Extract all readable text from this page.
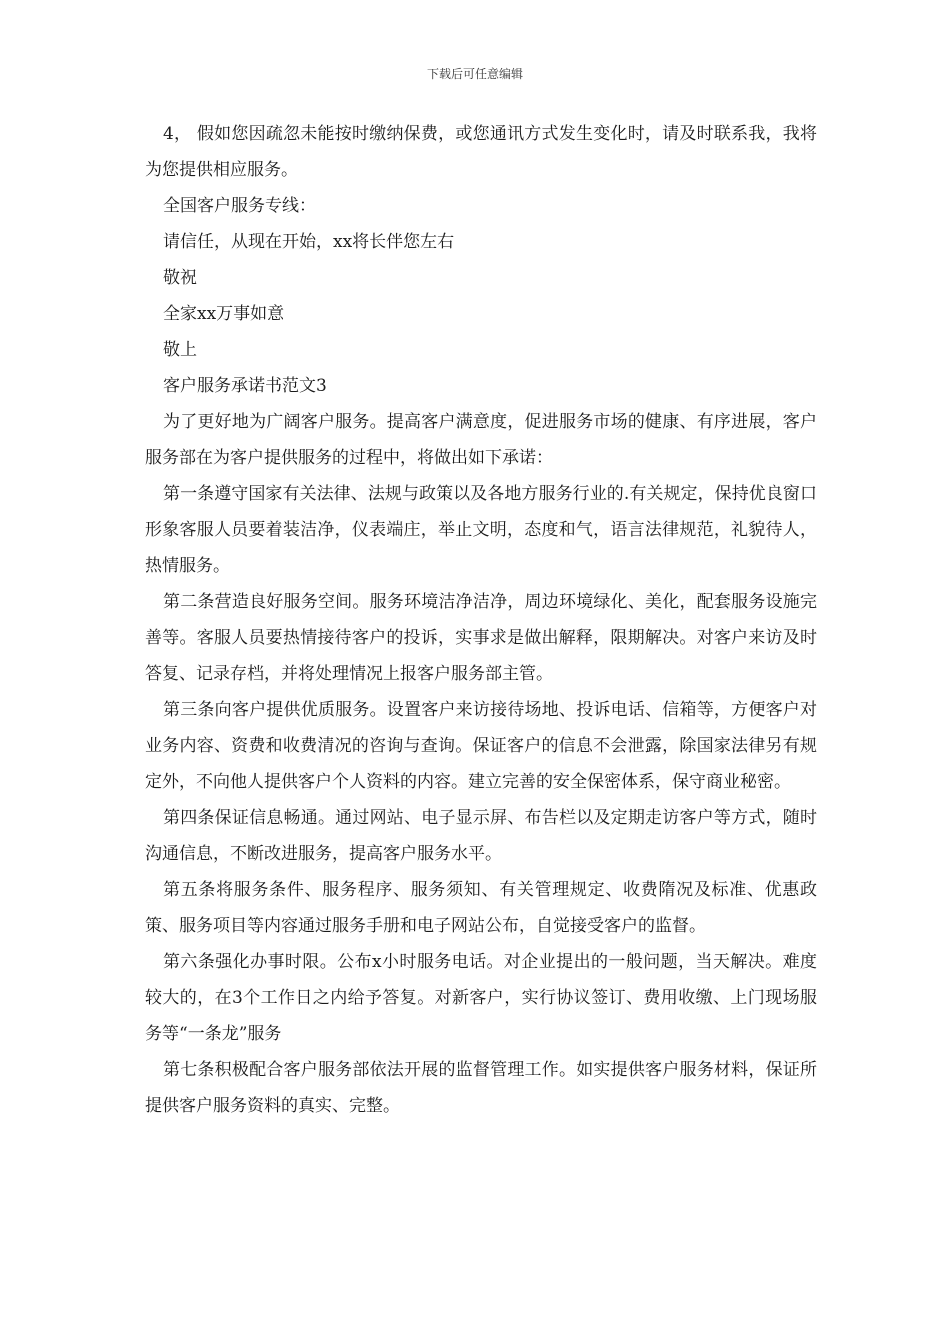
下载后可任意编辑

4， 假如您因疏忽未能按时缴纳保费，或您通讯方式发生变化时，请及时联系我，我将为您提供相应服务。

全国客户服务专线：

请信任，从现在开始，xx将长伴您左右

敬祝

全家xx万事如意

敬上

客户服务承诺书范文3

为了更好地为广阔客户服务。提高客户满意度，促进服务市场的健康、有序进展，客户服务部在为客户提供服务的过程中，将做出如下承诺：

第一条遵守国家有关法律、法规与政策以及各地方服务行业的.有关规定，保持优良窗口形象客服人员要着装洁净，仪表端庄，举止文明，态度和气，语言法律规范，礼貌待人，热情服务。

第二条营造良好服务空间。服务环境洁净洁净，周边环境绿化、美化，配套服务设施完善等。客服人员要热情接待客户的投诉，实事求是做出解释，限期解决。对客户来访及时答复、记录存档，并将处理情况上报客户服务部主管。

第三条向客户提供优质服务。设置客户来访接待场地、投诉电话、信箱等，方便客户对业务内容、资费和收费清况的咨询与查询。保证客户的信息不会泄露，除国家法律另有规定外，不向他人提供客户个人资料的内容。建立完善的安全保密体系，保守商业秘密。

第四条保证信息畅通。通过网站、电子显示屏、布告栏以及定期走访客户等方式，随时沟通信息，不断改进服务，提高客户服务水平。

第五条将服务条件、服务程序、服务须知、有关管理规定、收费隋况及标准、优惠政策、服务项目等内容通过服务手册和电子网站公布，自觉接受客户的监督。

第六条强化办事时限。公布x小时服务电话。对企业提出的一般问题，当天解决。难度较大的，在3个工作日之内给予答复。对新客户，实行协议签订、费用收缴、上门现场服务等“一条龙”服务

第七条积极配合客户服务部依法开展的监督管理工作。如实提供客户服务材料，保证所提供客户服务资料的真实、完整。
